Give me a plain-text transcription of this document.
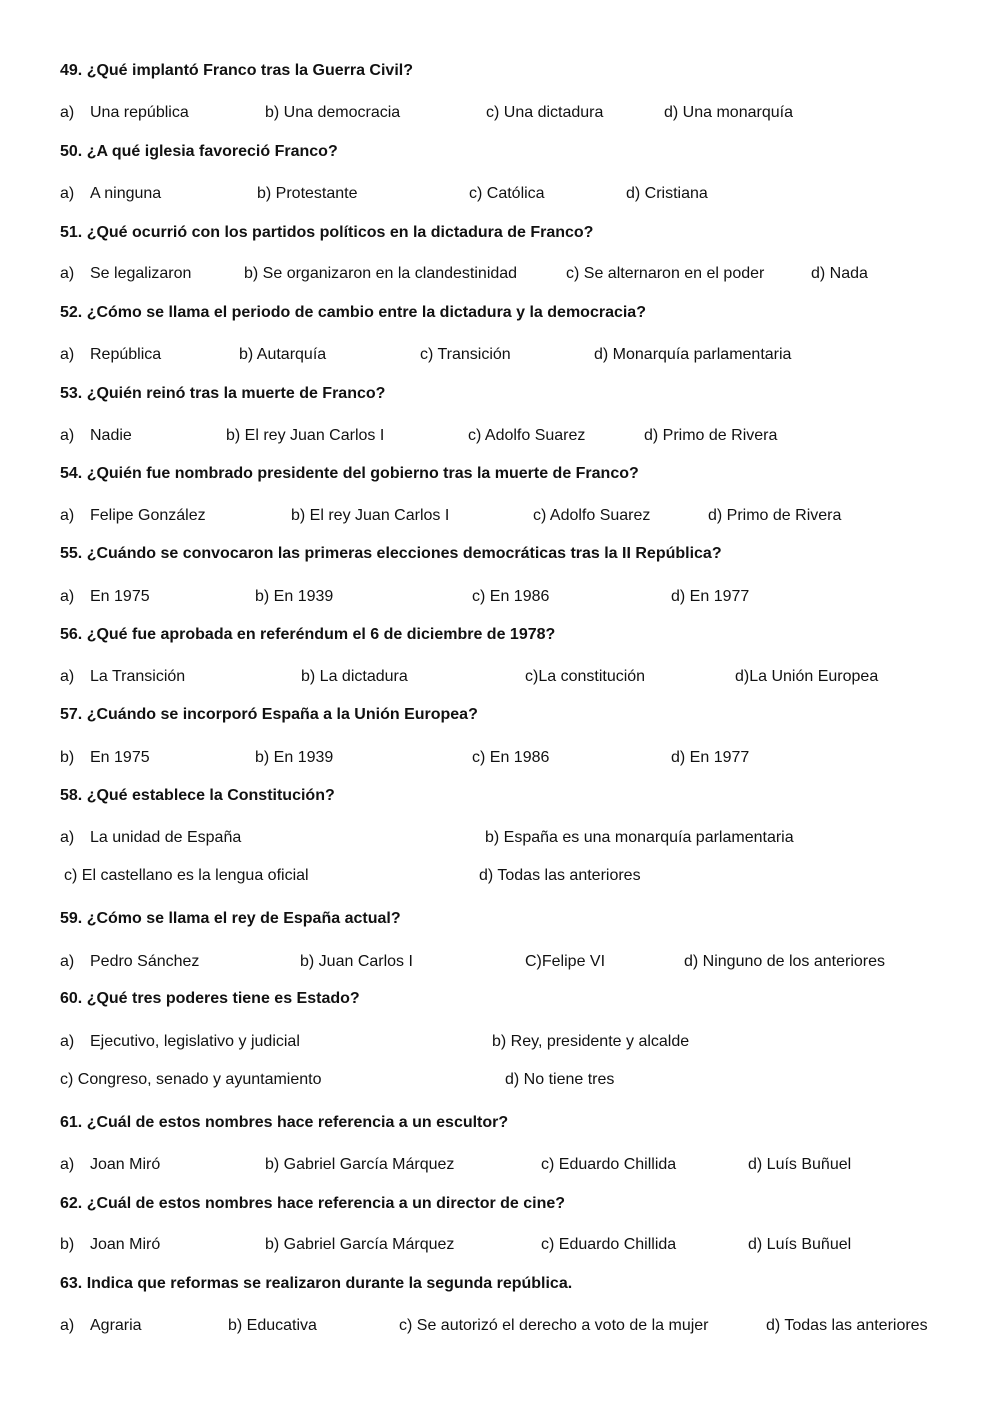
49. ¿Qué implantó Franco tras la Guerra Civil?
a) Una república	b) Una democracia	c) Una dictadura	d) Una monarquía
50. ¿A qué iglesia favoreció Franco?
a) A ninguna	b) Protestante	c) Católica	d) Cristiana
51. ¿Qué ocurrió con los partidos políticos en la dictadura de Franco?
a) Se legalizaron	b) Se organizaron en la clandestinidad	c) Se alternaron en el poder	d) Nada
52. ¿Cómo se llama el periodo de cambio entre la dictadura y la democracia?
a) República	b) Autarquía	c) Transición	d) Monarquía parlamentaria
53. ¿Quién reinó tras la muerte de Franco?
a) Nadie	b) El rey Juan Carlos I	c) Adolfo Suarez	d) Primo de Rivera
54. ¿Quién fue nombrado presidente del gobierno tras la muerte de Franco?
a) Felipe González	b) El rey Juan Carlos I	c) Adolfo Suarez	d) Primo de Rivera
55. ¿Cuándo se convocaron las primeras elecciones democráticas tras la II República?
a) En 1975	b) En 1939	c) En 1986	d) En 1977
56. ¿Qué fue aprobada en referéndum el 6 de diciembre de 1978?
a) La Transición	b) La dictadura	c)La constitución	d)La Unión Europea
57. ¿Cuándo se incorporó España a la Unión Europea?
b) En 1975	b) En 1939	c) En 1986	d) En 1977
58. ¿Qué establece la Constitución?
a) La unidad de España	b) España es una monarquía parlamentaria
c) El castellano es la lengua oficial	d) Todas las anteriores
59. ¿Cómo se llama el rey de España actual?
a) Pedro Sánchez	b) Juan Carlos I	C)Felipe VI	d) Ninguno de los anteriores
60. ¿Qué tres poderes tiene es Estado?
a) Ejecutivo, legislativo y judicial	b) Rey, presidente y alcalde
c) Congreso, senado y ayuntamiento	d) No tiene tres
61. ¿Cuál de estos nombres hace referencia a un escultor?
a) Joan Miró	b) Gabriel García Márquez	c) Eduardo Chillida	d) Luís Buñuel
62. ¿Cuál de estos nombres hace referencia a un director de cine?
b) Joan Miró	b) Gabriel García Márquez	c) Eduardo Chillida	d) Luís Buñuel
63. Indica que reformas se realizaron durante la segunda república.
a) Agraria	b) Educativa	c) Se autorizó el derecho a voto de la mujer	d) Todas las anteriores
